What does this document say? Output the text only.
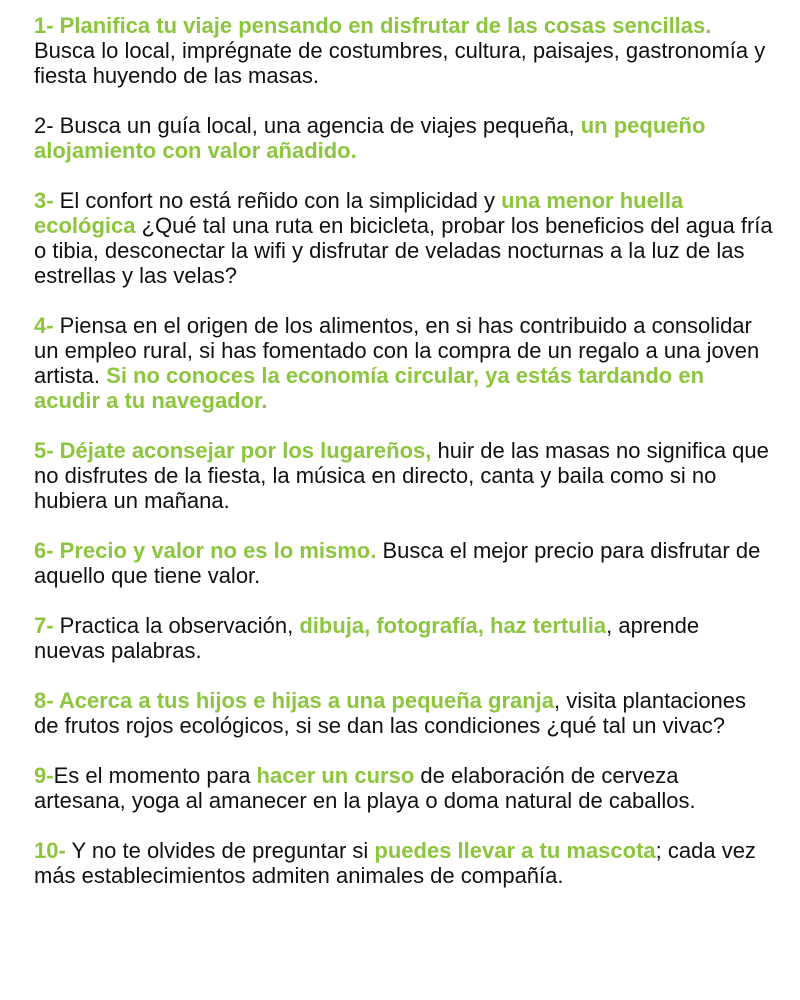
1- Planifica tu viaje pensando en disfrutar de las cosas sencillas. Busca lo local, imprégnate de costumbres, cultura, paisajes, gastronomía y fiesta huyendo de las masas.

2- Busca un guía local, una agencia de viajes pequeña, un pequeño alojamiento con valor añadido.

3- El confort no está reñido con la simplicidad y una menor huella ecológica ¿Qué tal una ruta en bicicleta, probar los beneficios del agua fría o tibia, desconectar la wifi y disfrutar de veladas nocturnas a la luz de las estrellas y las velas?

4- Piensa en el origen de los alimentos, en si has contribuido a consolidar un empleo rural, si has fomentado con la compra de un regalo a una joven artista. Si no conoces la economía circular, ya estás tardando en acudir a tu navegador.

5- Déjate aconsejar por los lugareños, huir de las masas no significa que no disfrutes de la fiesta, la música en directo, canta y baila como si no hubiera un mañana.

6- Precio y valor no es lo mismo. Busca el mejor precio para disfrutar de aquello que tiene valor.

7- Practica la observación, dibuja, fotografía, haz tertulia, aprende nuevas palabras.

8- Acerca a tus hijos e hijas a una pequeña granja, visita plantaciones de frutos rojos ecológicos, si se dan las condiciones ¿qué tal un vivac?

9-Es el momento para hacer un curso de elaboración de cerveza artesana, yoga al amanecer en la playa o doma natural de caballos.

10- Y no te olvides de preguntar si puedes llevar a tu mascota; cada vez más establecimientos admiten animales de compañía.
